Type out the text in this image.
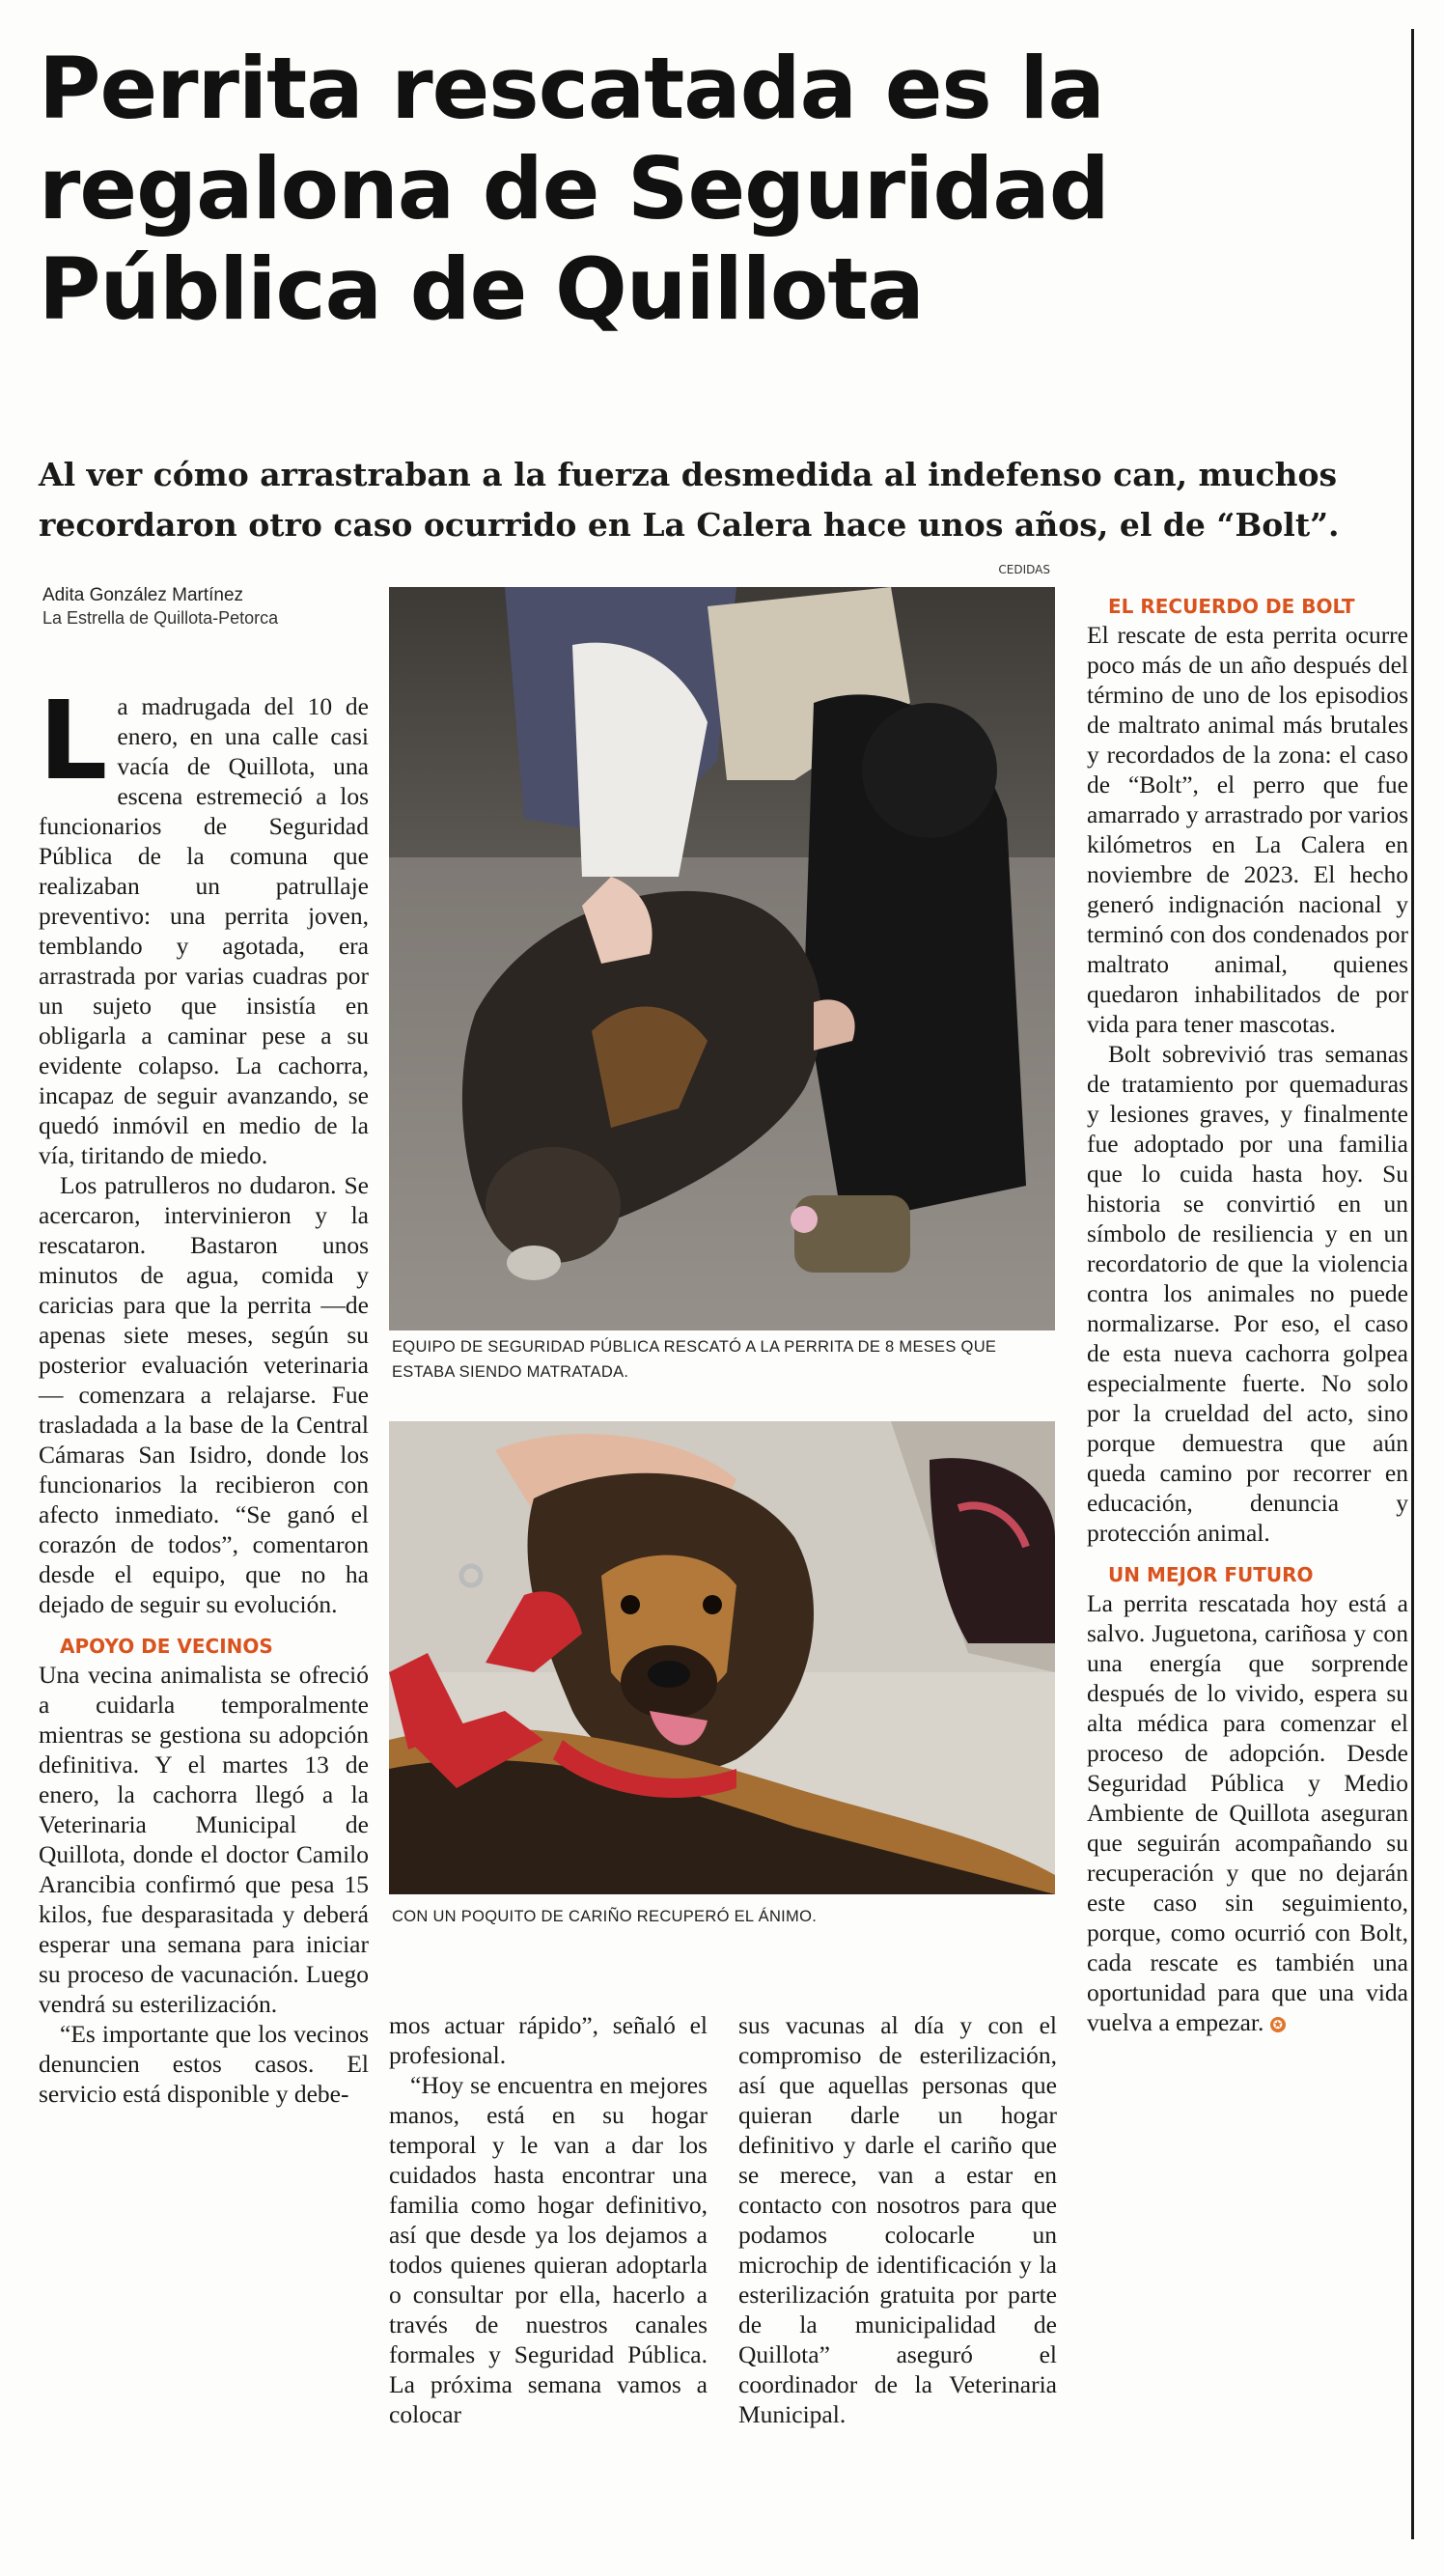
Perrita rescatada es la regalona de Seguridad Pública de Quillota

Al ver cómo arrastraban a la fuerza desmedida al indefenso can, muchos recordaron otro caso ocurrido en La Calera hace unos años, el de “Bolt”.

CEDIDAS
Adita González Martínez
La Estrella de Quillota-Petorca

La madrugada del 10 de enero, en una calle casi vacía de Quillota, una escena estremeció a los funcionarios de Seguridad Pública de la comuna que realizaban un patrullaje preventivo: una perrita joven, temblando y agotada, era arrastrada por varias cuadras por un sujeto que insistía en obligarla a caminar pese a su evidente colapso. La cachorra, incapaz de seguir avanzando, se quedó inmóvil en medio de la vía, tiritando de miedo.

Los patrulleros no dudaron. Se acercaron, intervinieron y la rescataron. Bastaron unos minutos de agua, comida y caricias para que la perrita —de apenas siete meses, según su posterior evaluación veterinaria— comenzara a relajarse. Fue trasladada a la base de la Central Cámaras San Isidro, donde los funcionarios la recibieron con afecto inmediato. “Se ganó el corazón de todos”, comentaron desde el equipo, que no ha dejado de seguir su evolución.

APOYO DE VECINOS

Una vecina animalista se ofreció a cuidarla temporalmente mientras se gestiona su adopción definitiva. Y el martes 13 de enero, la cachorra llegó a la Veterinaria Municipal de Quillota, donde el doctor Camilo Arancibia confirmó que pesa 15 kilos, fue desparasitada y deberá esperar una semana para iniciar su proceso de vacunación. Luego vendrá su esterilización.

“Es importante que los vecinos denuncien estos casos. El servicio está disponible y debe-

EQUIPO DE SEGURIDAD PÚBLICA RESCATÓ A LA PERRITA DE 8 MESES QUE ESTABA SIENDO MATRATADA.
CON UN POQUITO DE CARIÑO RECUPERÓ EL ÁNIMO.

mos actuar rápido”, señaló el profesional.

“Hoy se encuentra en mejores manos, está en su hogar temporal y le van a dar los cuidados hasta encontrar una familia como hogar definitivo, así que desde ya los dejamos a todos quienes quieran adoptarla o consultar por ella, hacerlo a través de nuestros canales formales y Seguridad Pública. La próxima semana vamos a colocar

sus vacunas al día y con el compromiso de esterilización, así que aquellas personas que quieran darle un hogar definitivo y darle el cariño que se merece, van a estar en contacto con nosotros para que podamos colocarle un microchip de identificación y la esterilización gratuita por parte de la municipalidad de Quillota” aseguró el coordinador de la Veterinaria Municipal.

EL RECUERDO DE BOLT

El rescate de esta perrita ocurre poco más de un año después del término de uno de los episodios de maltrato animal más brutales y recordados de la zona: el caso de “Bolt”, el perro que fue amarrado y arrastrado por varios kilómetros en La Calera en noviembre de 2023. El hecho generó indignación nacional y terminó con dos condenados por maltrato animal, quienes quedaron inhabilitados de por vida para tener mascotas.

Bolt sobrevivió tras semanas de tratamiento por quemaduras y lesiones graves, y finalmente fue adoptado por una familia que lo cuida hasta hoy. Su historia se convirtió en un símbolo de resiliencia y en un recordatorio de que la violencia contra los animales no puede normalizarse. Por eso, el caso de esta nueva cachorra golpea especialmente fuerte. No solo por la crueldad del acto, sino porque demuestra que aún queda camino por recorrer en educación, denuncia y protección animal.

UN MEJOR FUTURO

La perrita rescatada hoy está a salvo. Juguetona, cariñosa y con una energía que sorprende después de lo vivido, espera su alta médica para comenzar el proceso de adopción. Desde Seguridad Pública y Medio Ambiente de Quillota aseguran que seguirán acompañando su recuperación y que no dejarán este caso sin seguimiento, porque, como ocurrió con Bolt, cada rescate es también una oportunidad para que una vida vuelva a empezar. ✪
